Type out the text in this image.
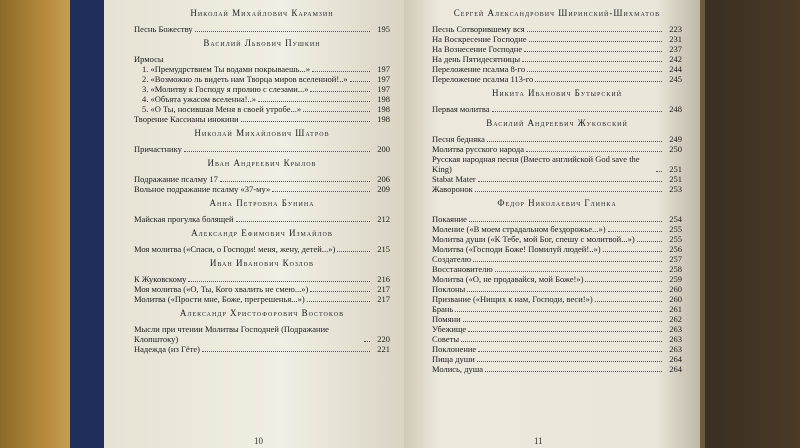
Николай Михайлович Карамзин
Песнь Божеству	195
Василий Львович Пушкин
Ирмосы
1. «Премудрствием Ты водами покрываешь...»	197
2. «Возможно ль видеть нам Творца миров вселенной!..»	197
3. «Молитву к Господу я пролию с слезами...»	197
4. «Объята ужасом вселенна!..»	198
5. «О Ты, носившая Меня в своей утробе...»	198
Творение Кассианы инокини	198
Николай Михайлович Шатров
Причастнику	200
Иван Андреевич Крылов
Подражание псалму 17	206
Вольное подражание псалму «37-му»	209
Анна Петровна Бунина
Майская прогулка болящей	212
Александр Ефимович Измайлов
Моя молитва («Спаси, о Господи! меня, жену, детей...»)	215
Иван Иванович Козлов
К Жуковскому	216
Моя молитва («О, Ты, Кого хвалить не смею...»)	217
Молитва («Прости мне, Боже, прегрешенья...»)	217
Александр Христофорович Востоков
Мысли при чтении Молитвы Господней (Подражание Клопштоку)	220
Надежда (из Гёте)	221
10
Сергей Александрович Ширинский-Шихматов
Песнь Сотворившему вся	223
На Воскресение Господне	231
На Вознесение Господне	237
На день Пятидесятницы	242
Переложение псалма 8-го	244
Переложение псалма 113-го	245
Никита Иванович Бутырский
Первая молитва	248
Василий Андреевич Жуковский
Песня бедняка	249
Молитва русского народа	250
Русская народная песня (Вместо английской God save the King)	251
Stabat Mater	251
Жаворонок	253
Федор Николаевич Глинка
Покаяние	254
Моление («В моем страдальном бездорожье...»)	255
Молитва души («К Тебе, мой Бог, спешу с молитвой...»)	255
Молитва («Господи Боже! Помилуй людей!..»)	256
Создателю	257
Восстановителю	258
Молитва («О, не продавайся, мой Боже!»)	259
Поклоны	260
Призвание («Нищих к нам, Господи, веси!»)	260
Брань	261
Помяни	262
Убежище	263
Советы	263
Поклонение	263
Пища души	264
Молись, душа	264
11
